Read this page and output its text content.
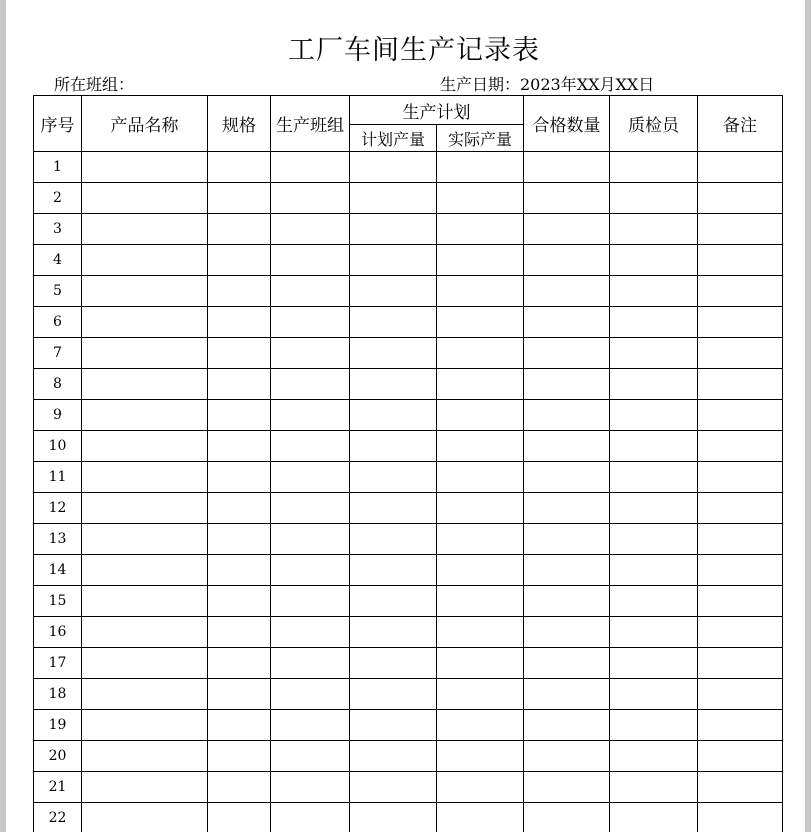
工厂车间生产记录表
所在班组：	生产日期：2023年XX月XX日
序号	产品名称	规格	生产班组	生产计划		合格数量	质检员	备注
				计划产量	实际产量			
1								
2								
3								
4								
5								
6								
7								
8								
9								
10								
11								
12								
13								
14								
15								
16								
17								
18								
19								
20								
21								
22								
